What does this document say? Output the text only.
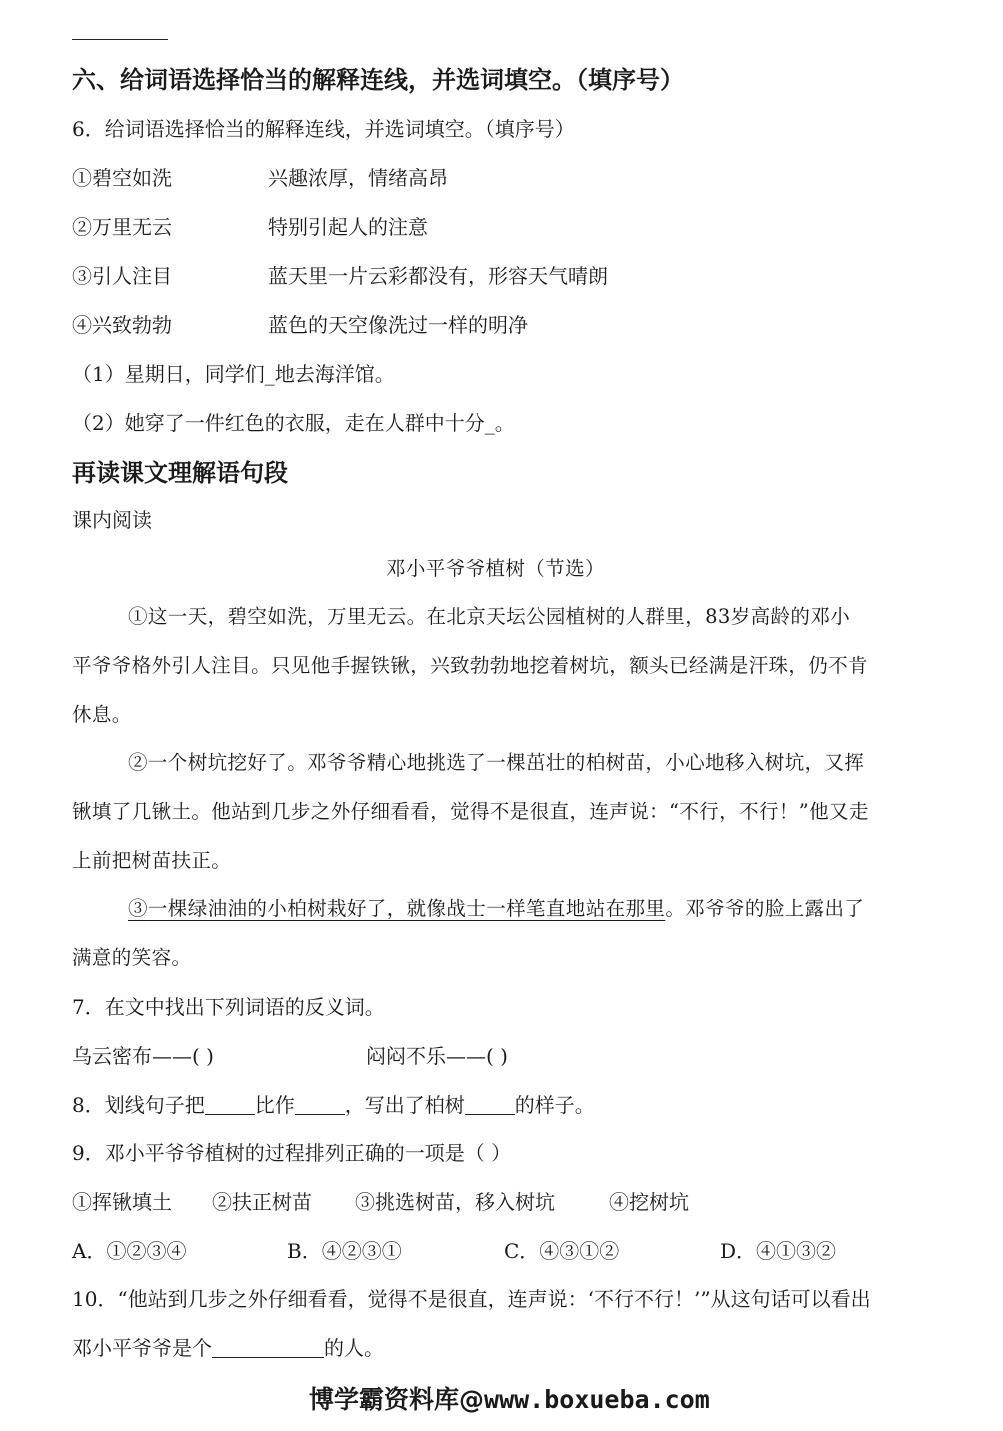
六、给词语选择恰当的解释连线，并选词填空。（填序号）
6．给词语选择恰当的解释连线，并选词填空。（填序号）
①碧空如洗	兴趣浓厚，情绪高昂
②万里无云	特别引起人的注意
③引人注目	蓝天里一片云彩都没有，形容天气晴朗
④兴致勃勃	蓝色的天空像洗过一样的明净
（1）星期日，同学们_地去海洋馆。
（2）她穿了一件红色的衣服，走在人群中十分_。
再读课文理解语句段
课内阅读
邓小平爷爷植树（节选）
①这一天，碧空如洗，万里无云。在北京天坛公园植树的人群里，83岁高龄的邓小
平爷爷格外引人注目。只见他手握铁锹，兴致勃勃地挖着树坑，额头已经满是汗珠，仍不肯
休息。
②一个树坑挖好了。邓爷爷精心地挑选了一棵茁壮的柏树苗，小心地移入树坑，又挥
锹填了几锹土。他站到几步之外仔细看看，觉得不是很直，连声说：“不行，不行！”他又走
上前把树苗扶正。
③一棵绿油油的小柏树栽好了，就像战士一样笔直地站在那里。邓爷爷的脸上露出了
满意的笑容。
7．在文中找出下列词语的反义词。
乌云密布——( )	闷闷不乐——( )
8．划线句子把	比作	，写出了柏树	的样子。
9．邓小平爷爷植树的过程排列正确的一项是（ ）
①挥锹填土 ②扶正树苗 ③挑选树苗，移入树坑	④挖树坑
A．①②③④	B．④②③①	C．④③①②	D．④①③②
10．“他站到几步之外仔细看看，觉得不是很直，连声说：‘不行不行！’”从这句话可以看出
邓小平爷爷是个	的人。
博学霸资料库@www.boxueba.com
